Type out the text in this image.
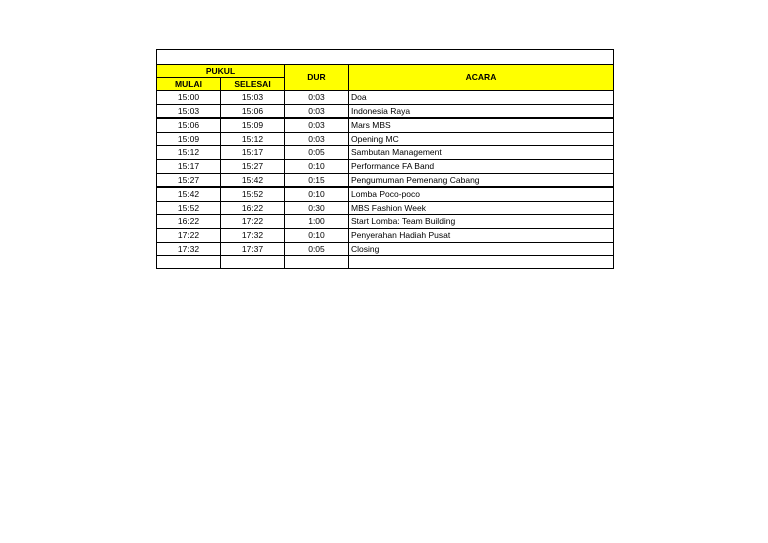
PUKUL		DUR	ACARA
MULAI	SELESAI		
15:00	15:03	0:03	Doa
15:03	15:06	0:03	Indonesia Raya
15:06	15:09	0:03	Mars MBS
15:09	15:12	0:03	Opening MC
15:12	15:17	0:05	Sambutan Management
15:17	15:27	0:10	Performance FA Band
15:27	15:42	0:15	Pengumuman Pemenang Cabang
15:42	15:52	0:10	Lomba Poco-poco
15:52	16:22	0:30	MBS Fashion Week
16:22	17:22	1:00	Start Lomba: Team Building
17:22	17:32	0:10	Penyerahan Hadiah Pusat
17:32	17:37	0:05	Closing
